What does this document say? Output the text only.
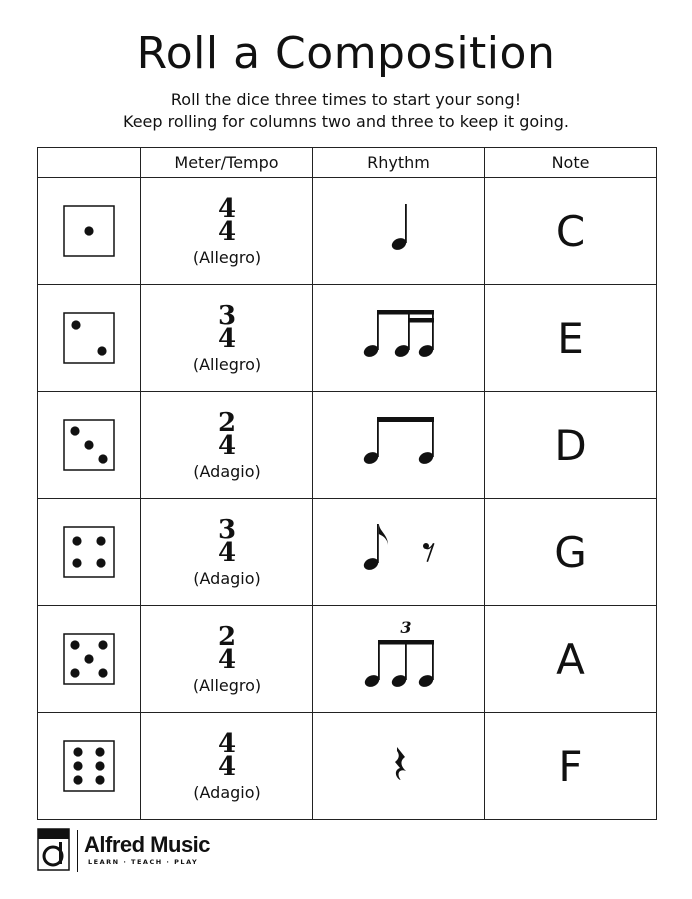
Roll a Composition
Roll the dice three times to start your song!
Keep rolling for columns two and three to keep it going.
	Meter/Tempo	Rhythm	Note

4
4
(Allegro)		C

3
4
(Allegro)		E

2
4
(Adagio)		D

3
4
(Adagio)		G

2
4
(Allegro)	3	A

4
4
(Adagio)		F
Alfred Music
LEARN · TEACH · PLAY
